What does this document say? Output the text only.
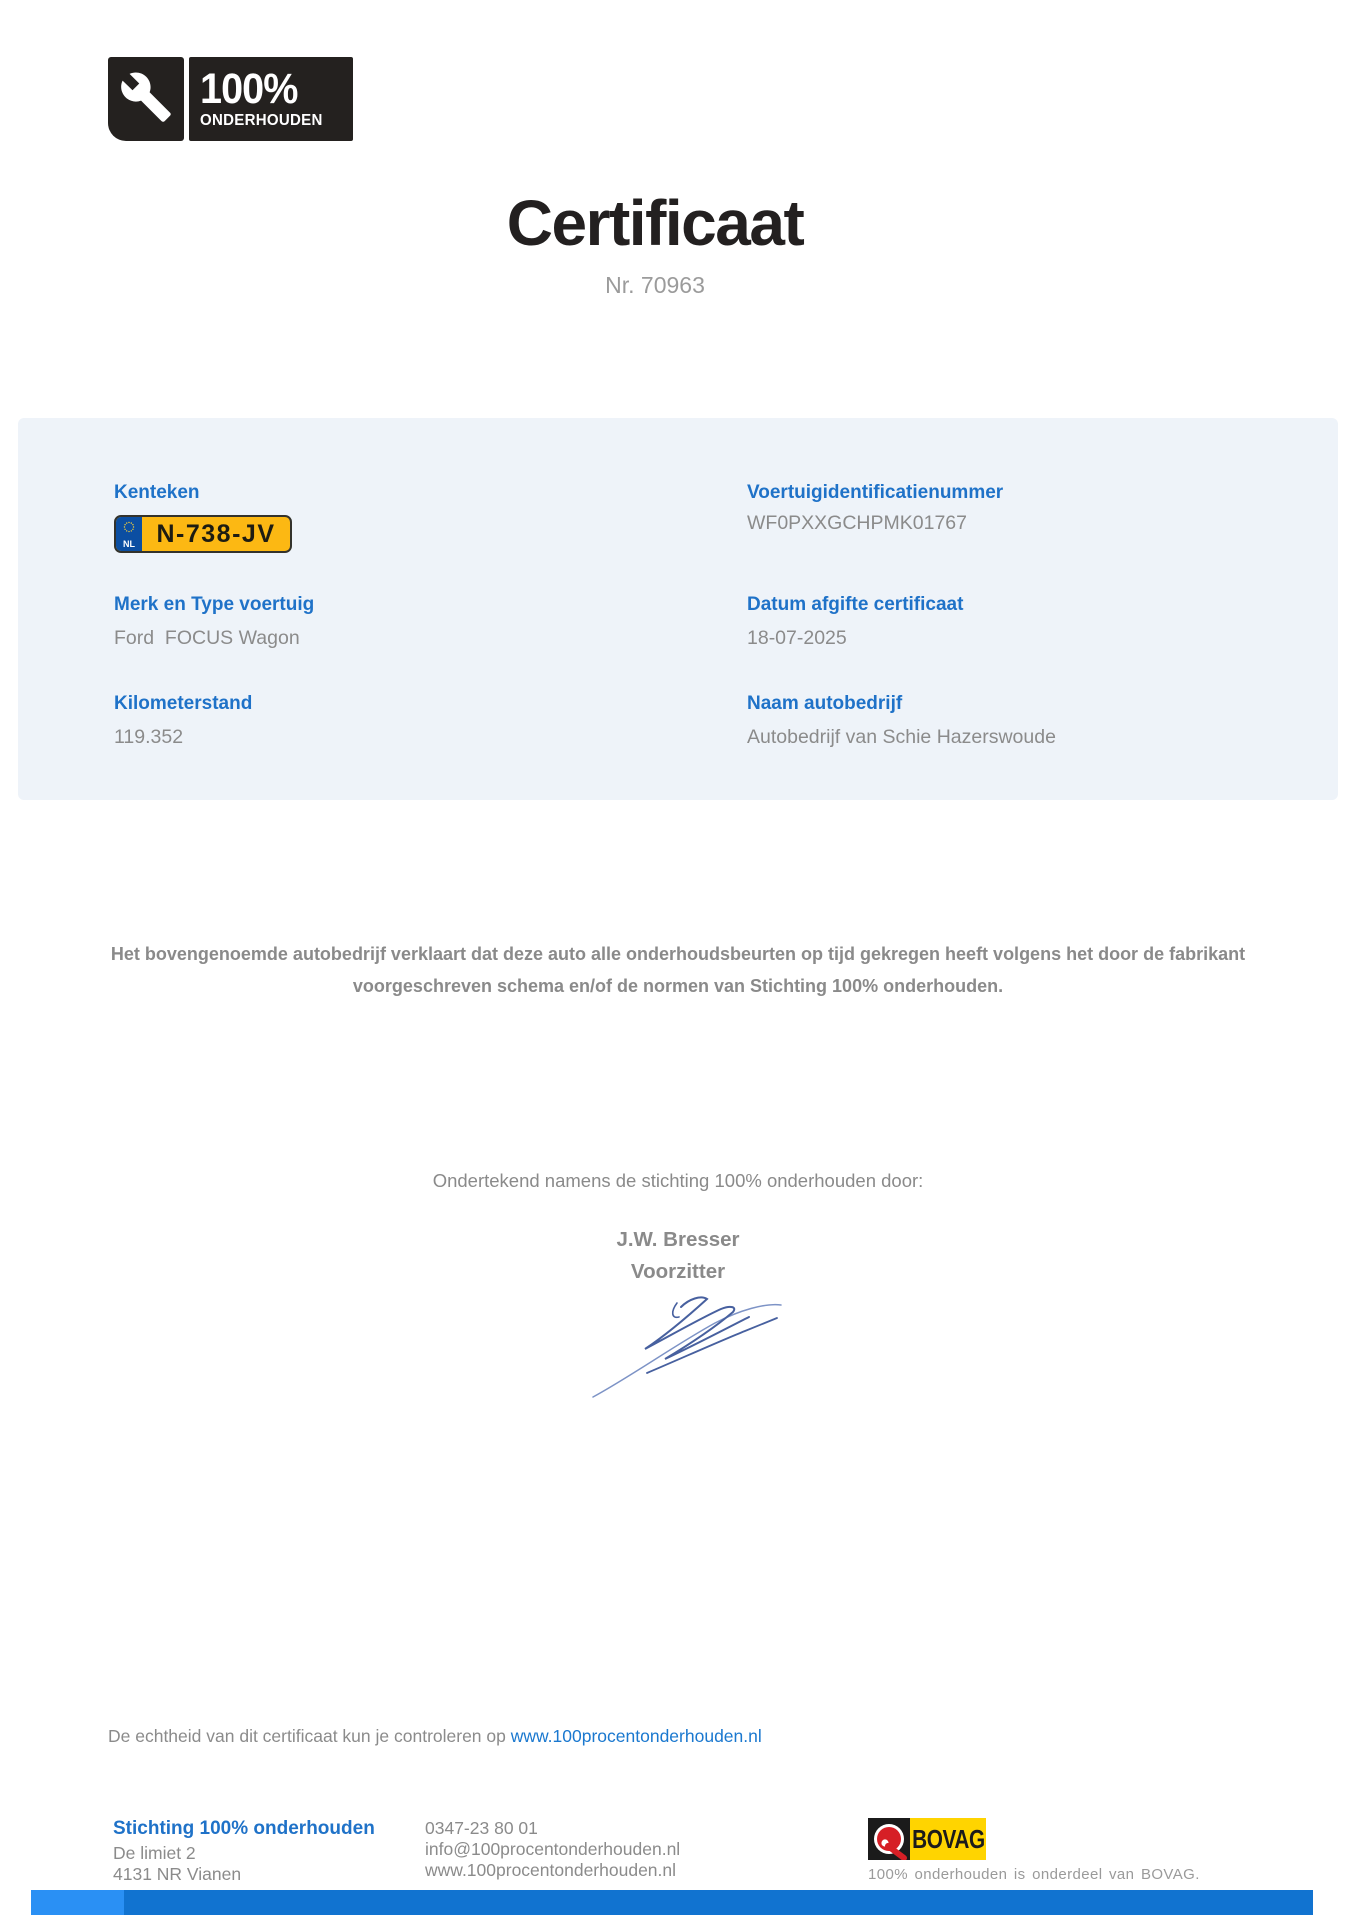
100%
ONDERHOUDEN
Certificaat
Nr. 70963
Kenteken
NL N-738-JV
Voertuigidentificatienummer
WF0PXXGCHPMK01767
Merk en Type voertuig
Ford  FOCUS Wagon
Datum afgifte certificaat
18-07-2025
Kilometerstand
119.352
Naam autobedrijf
Autobedrijf van Schie Hazerswoude
Het bovengenoemde autobedrijf verklaart dat deze auto alle onderhoudsbeurten op tijd gekregen heeft volgens het door de fabrikant voorgeschreven schema en/of de normen van Stichting 100% onderhouden.
Ondertekend namens de stichting 100% onderhouden door:
J.W. Bresser
Voorzitter
De echtheid van dit certificaat kun je controleren op www.100procentonderhouden.nl
Stichting 100% onderhouden
De limiet 2
4131 NR Vianen
0347-23 80 01
info@100procentonderhouden.nl
www.100procentonderhouden.nl
BOVAG
100% onderhouden is onderdeel van BOVAG.
